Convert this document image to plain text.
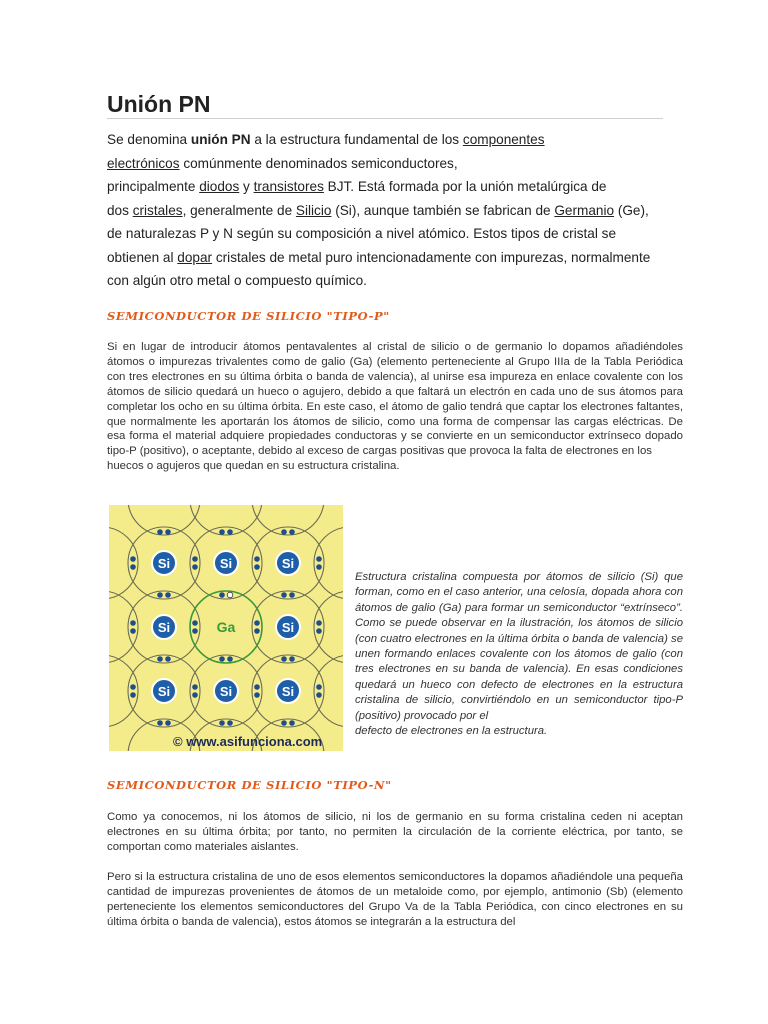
Unión PN

Se denomina unión PN a la estructura fundamental de los componentes
electrónicos comúnmente denominados semiconductores,
principalmente diodos y transistores BJT. Está formada por la unión metalúrgica de
dos cristales, generalmente de Silicio (Si), aunque también se fabrican de Germanio (Ge),
de naturalezas P y N según su composición a nivel atómico. Estos tipos de cristal se
obtienen al dopar cristales de metal puro intencionadamente con impurezas, normalmente
con algún otro metal o compuesto químico.

SEMICONDUCTOR DE SILICIO "TIPO-P"

Si en lugar de introducir átomos pentavalentes al cristal de silicio o de germanio lo dopamos añadiéndoles átomos o impurezas trivalentes como de galio (Ga) (elemento perteneciente al Grupo IIIa de la Tabla Periódica con tres electrones en su última órbita o banda de valencia), al unirse esa impureza en enlace covalente con los átomos de silicio quedará un hueco o agujero, debido a que faltará un electrón en cada uno de sus átomos para completar los ocho en su última órbita. En este caso, el átomo de galio tendrá que captar los electrones faltantes, que normalmente les aportarán los átomos de silicio, como una forma de compensar las cargas eléctricas. De esa forma el material adquiere propiedades conductoras y se convierte en un semiconductor extrínseco dopado tipo-P (positivo), o aceptante, debido al exceso de cargas positivas que provoca la falta de electrones en los
huecos o agujeros que quedan en su estructura cristalina.

Si	Si	Si
Si	Ga	Si
Si	Si	Si
© www.asifunciona.com

Estructura cristalina compuesta por átomos de silicio (Si) que forman, como en el caso anterior, una celosía, dopada ahora con átomos de galio (Ga) para formar un semiconductor “extrínseco”. Como se puede observar en la ilustración, los átomos de silicio (con cuatro electrones en la última órbita o banda de valencia) se unen formando enlaces covalente con los átomos de galio (con tres electrones en su banda de valencia). En esas condiciones quedará un hueco con defecto de electrones en la estructura cristalina de silicio, convirtiéndolo en un semiconductor tipo-P (positivo) provocado por el
defecto de electrones en la estructura.

SEMICONDUCTOR DE SILICIO "TIPO-N"

Como ya conocemos, ni los átomos de silicio, ni los de germanio en su forma cristalina ceden ni aceptan electrones en su última órbita; por tanto, no permiten la circulación de la corriente eléctrica, por tanto, se comportan como materiales aislantes.

Pero si la estructura cristalina de uno de esos elementos semiconductores la dopamos añadiéndole una pequeña cantidad de impurezas provenientes de átomos de un metaloide como, por ejemplo, antimonio (Sb) (elemento perteneciente los elementos semiconductores del Grupo Va de la Tabla Periódica, con cinco electrones en su última órbita o banda de valencia), estos átomos se integrarán a la estructura del
